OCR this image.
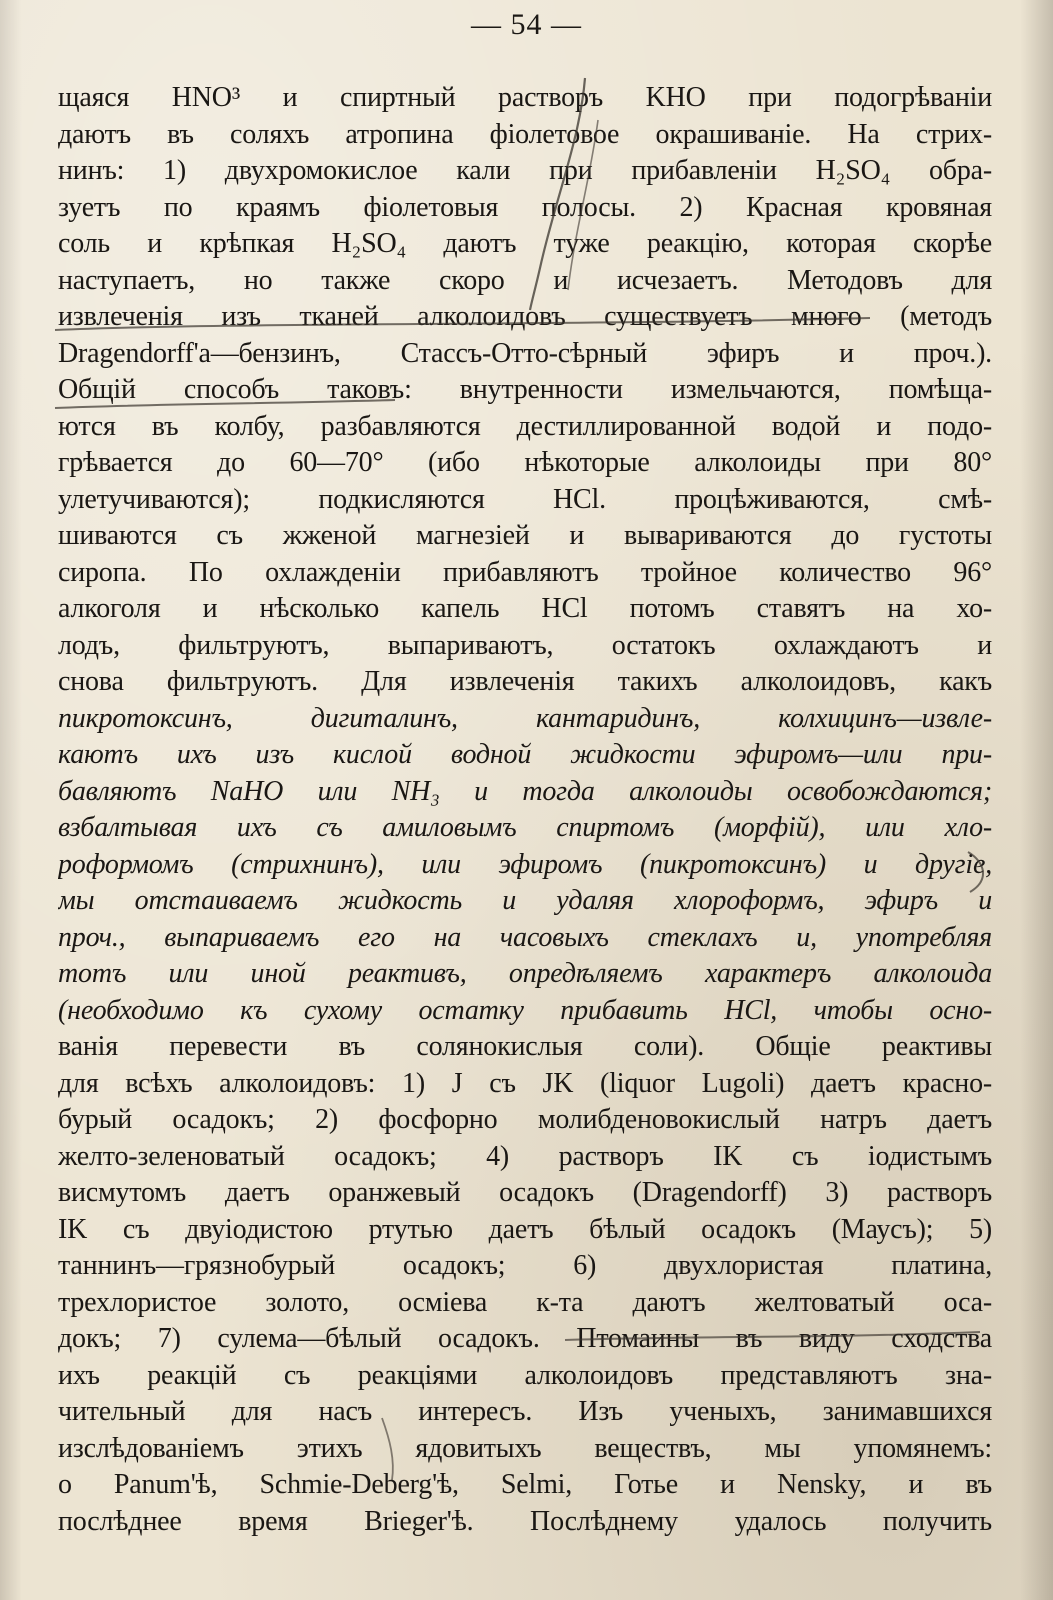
— 54 —
щаяся HNO³ и спиртный растворъ KHO при подогрѣваніи
даютъ въ соляхъ атропина фіолетовое окрашиваніе. На стрих-
нинъ: 1) двухромокислое кали при прибавленіи H₂SO₄ обра-
зуетъ по краямъ фіолетовыя полосы. 2) Красная кровяная
соль и крѣпкая H₂SO₄ даютъ туже реакцію, которая скорѣе
наступаетъ, но также скоро и исчезаетъ. Методовъ для
извлеченія изъ тканей алколоидовъ существуетъ много (методъ
Dragendorff'а—бензинъ, Стассъ-Отто-сѣрный эфиръ и проч.).
Общій способъ таковъ: внутренности измельчаются, помѣща-
ются въ колбу, разбавляются дестиллированной водой и подо-
грѣвается до 60—70° (ибо нѣкоторые алколоиды при 80°
улетучиваются); подкисляются HCl. процѣживаются, смѣ-
шиваются съ жженой магнезіей и вывариваются до густоты
сиропа. По охлажденіи прибавляютъ тройное количество 96°
алкоголя и нѣсколько капель HCl потомъ ставятъ на хо-
лодъ, фильтруютъ, выпариваютъ, остатокъ охлаждаютъ и
снова фильтруютъ. Для извлеченія такихъ алколоидовъ, какъ
пикротоксинъ, дигиталинъ, кантаридинъ, колхицинъ—извле-
каютъ ихъ изъ кислой водной жидкости эфиромъ—или при-
бавляютъ NaHO или NH₃ и тогда алколоиды освобождаются;
взбалтывая ихъ съ амиловымъ спиртомъ (морфій), или хло-
роформомъ (стрихнинъ), или эфиромъ (пикротоксинъ) и другіе,
мы отстаиваемъ жидкость и удаляя хлороформъ, эфиръ и
проч., выпариваемъ его на часовыхъ стеклахъ и, употребляя
тотъ или иной реактивъ, опредѣляемъ характеръ алколоида
(необходимо къ сухому остатку прибавить HCl, чтобы осно-
ванія перевести въ солянокислыя соли). Общіе реактивы
для всѣхъ алколоидовъ: 1) J съ JK (liquor Lugoli) даетъ красно-
бурый осадокъ; 2) фосфорно молибденовокислый натръ даетъ
желто-зеленоватый осадокъ; 4) растворъ IK съ іодистымъ
висмутомъ даетъ оранжевый осадокъ (Dragendorff) 3) растворъ
IK съ двуіодистою ртутью даетъ бѣлый осадокъ (Маусъ); 5)
таннинъ—грязнобурый осадокъ; 6) двухлористая платина,
трехлористое золото, осміева к-та даютъ желтоватый оса-
докъ; 7) сулема—бѣлый осадокъ. Птомаины въ виду сходства
ихъ реакцій съ реакціями алколоидовъ представляютъ зна-
чительный для насъ интересъ. Изъ ученыхъ, занимавшихся
изслѣдованіемъ этихъ ядовитыхъ веществъ, мы упомянемъ:
о Panum'ѣ, Schmie-Deberg'ѣ, Selmi, Готье и Nensky, и въ
послѣднее время Brieger'ѣ. Послѣднему удалось получить
